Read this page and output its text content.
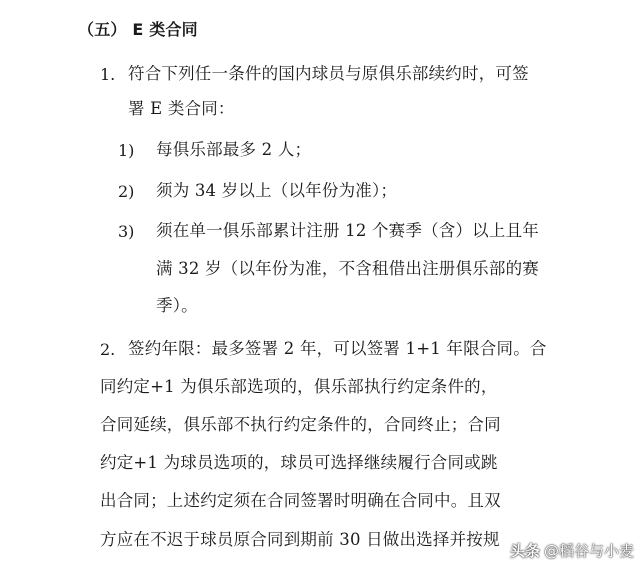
（五） E 类合同
1. 符合下列任一条件的国内球员与原俱乐部续约时，可签
署 E 类合同：
1) 每俱乐部最多 2 人；
2) 须为 34 岁以上（以年份为准）；
3) 须在单一俱乐部累计注册 12 个赛季（含）以上且年
满 32 岁（以年份为准，不含租借出注册俱乐部的赛
季）。
2. 签约年限：最多签署 2 年，可以签署 1+1 年限合同。合
同约定+1 为俱乐部选项的，俱乐部执行约定条件的，
合同延续，俱乐部不执行约定条件的，合同终止；合同
约定+1 为球员选项的，球员可选择继续履行合同或跳
出合同；上述约定须在合同签署时明确在合同中。且双
方应在不迟于球员原合同到期前 30 日做出选择并按规
头条 @稻谷与小麦
